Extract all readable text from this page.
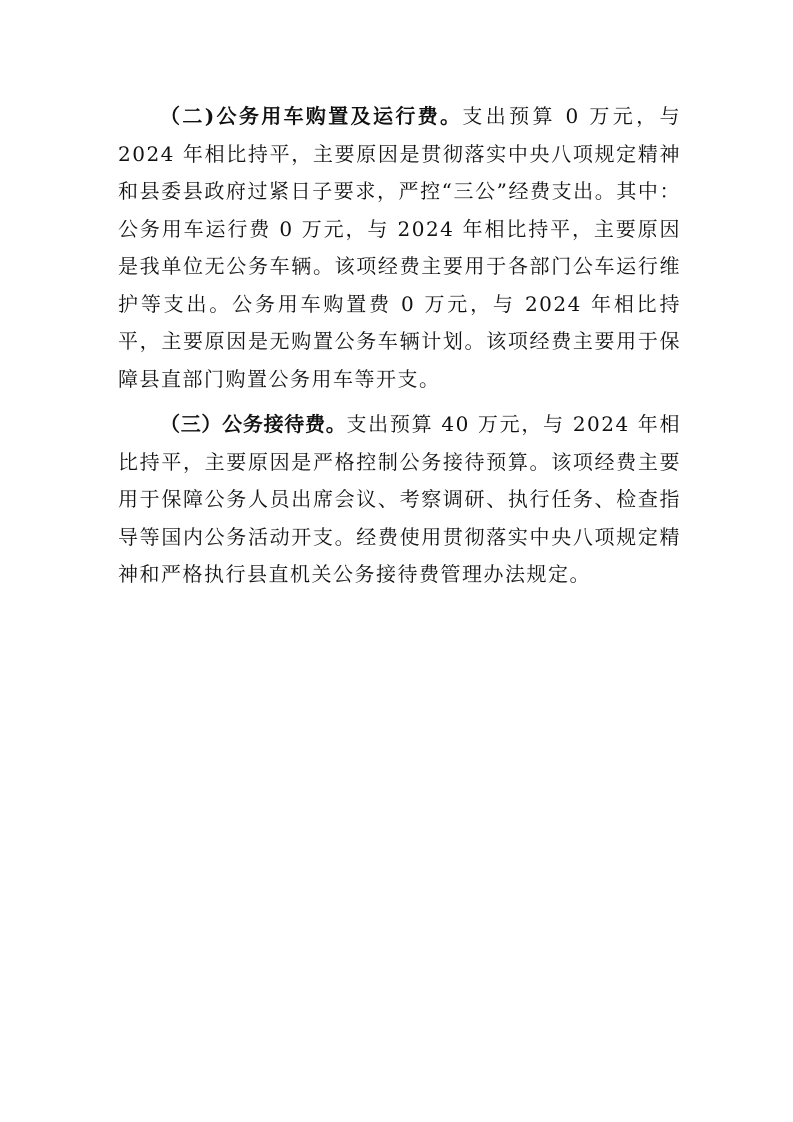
（二)公务用车购置及运行费。支出预算 0 万元，与 2024 年相比持平，主要原因是贯彻落实中央八项规定精神和县委县政府过紧日子要求，严控“三公”经费支出。其中：公务用车运行费 0 万元，与 2024 年相比持平，主要原因是我单位无公务车辆。该项经费主要用于各部门公车运行维护等支出。公务用车购置费 0 万元，与 2024 年相比持平，主要原因是无购置公务车辆计划。该项经费主要用于保障县直部门购置公务用车等开支。

（三）公务接待费。支出预算 40 万元，与 2024 年相比持平，主要原因是严格控制公务接待预算。该项经费主要用于保障公务人员出席会议、考察调研、执行任务、检查指导等国内公务活动开支。经费使用贯彻落实中央八项规定精神和严格执行县直机关公务接待费管理办法规定。
